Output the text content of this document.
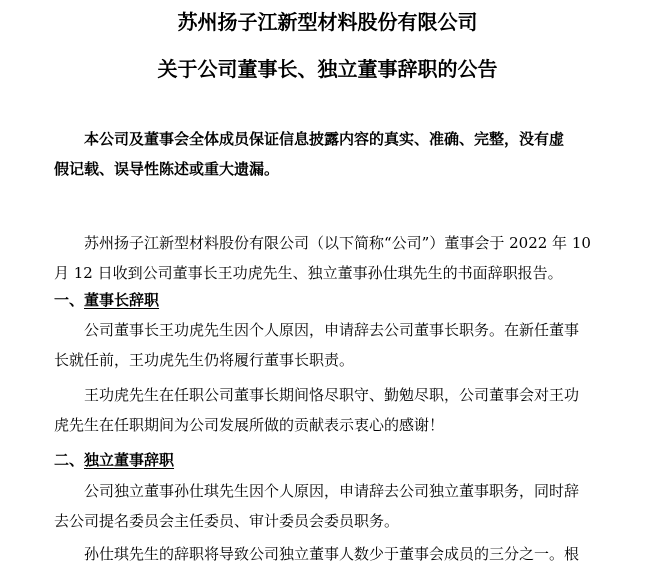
苏州扬子江新型材料股份有限公司
关于公司董事长、独立董事辞职的公告

本公司及董事会全体成员保证信息披露内容的真实、准确、完整，没有虚
假记载、误导性陈述或重大遗漏。

苏州扬子江新型材料股份有限公司（以下简称“公司”）董事会于 2022 年 10
月 12 日收到公司董事长王功虎先生、独立董事孙仕琪先生的书面辞职报告。

一、董事长辞职

公司董事长王功虎先生因个人原因，申请辞去公司董事长职务。在新任董事
长就任前，王功虎先生仍将履行董事长职责。

王功虎先生在任职公司董事长期间恪尽职守、勤勉尽职，公司董事会对王功
虎先生在任职期间为公司发展所做的贡献表示衷心的感谢！

二、独立董事辞职

公司独立董事孙仕琪先生因个人原因，申请辞去公司独立董事职务，同时辞
去公司提名委员会主任委员、审计委员会委员职务。

孙仕琪先生的辞职将导致公司独立董事人数少于董事会成员的三分之一。根
